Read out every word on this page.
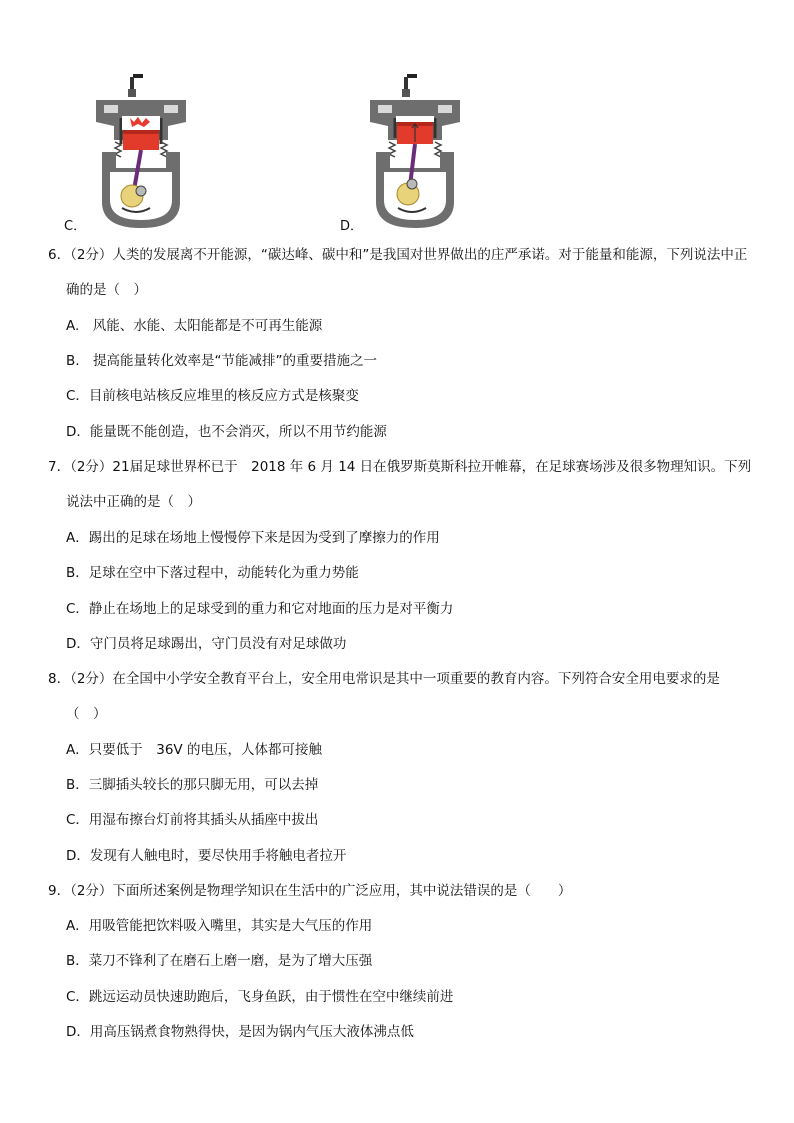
C．	D．
6．（2分）人类的发展离不开能源，“碳达峰、碳中和”是我国对世界做出的庄严承诺。对于能量和能源，下列说法中正
确的是（　）
A.　风能、水能、太阳能都是不可再生能源
B.　提高能量转化效率是“节能减排”的重要措施之一
C．目前核电站核反应堆里的核反应方式是核聚变
D．能量既不能创造，也不会消灭，所以不用节约能源
7．（2分）21届足球世界杯已于　2018 年 6 月 14 日在俄罗斯莫斯科拉开帷幕，在足球赛场涉及很多物理知识。下列
说法中正确的是（　）
A．踢出的足球在场地上慢慢停下来是因为受到了摩擦力的作用
B．足球在空中下落过程中，动能转化为重力势能
C．静止在场地上的足球受到的重力和它对地面的压力是对平衡力
D．守门员将足球踢出，守门员没有对足球做功
8．（2分）在全国中小学安全教育平台上，安全用电常识是其中一项重要的教育内容。下列符合安全用电要求的是
（　）
A．只要低于　36V 的电压，人体都可接触
B．三脚插头较长的那只脚无用，可以去掉
C．用湿布擦台灯前将其插头从插座中拔出
D．发现有人触电时，要尽快用手将触电者拉开
9．（2分）下面所述案例是物理学知识在生活中的广泛应用，其中说法错误的是（　　）
A．用吸管能把饮料吸入嘴里，其实是大气压的作用
B．菜刀不锋利了在磨石上磨一磨，是为了增大压强
C．跳远运动员快速助跑后，飞身鱼跃，由于惯性在空中继续前进
D．用高压锅煮食物熟得快，是因为锅内气压大液体沸点低
